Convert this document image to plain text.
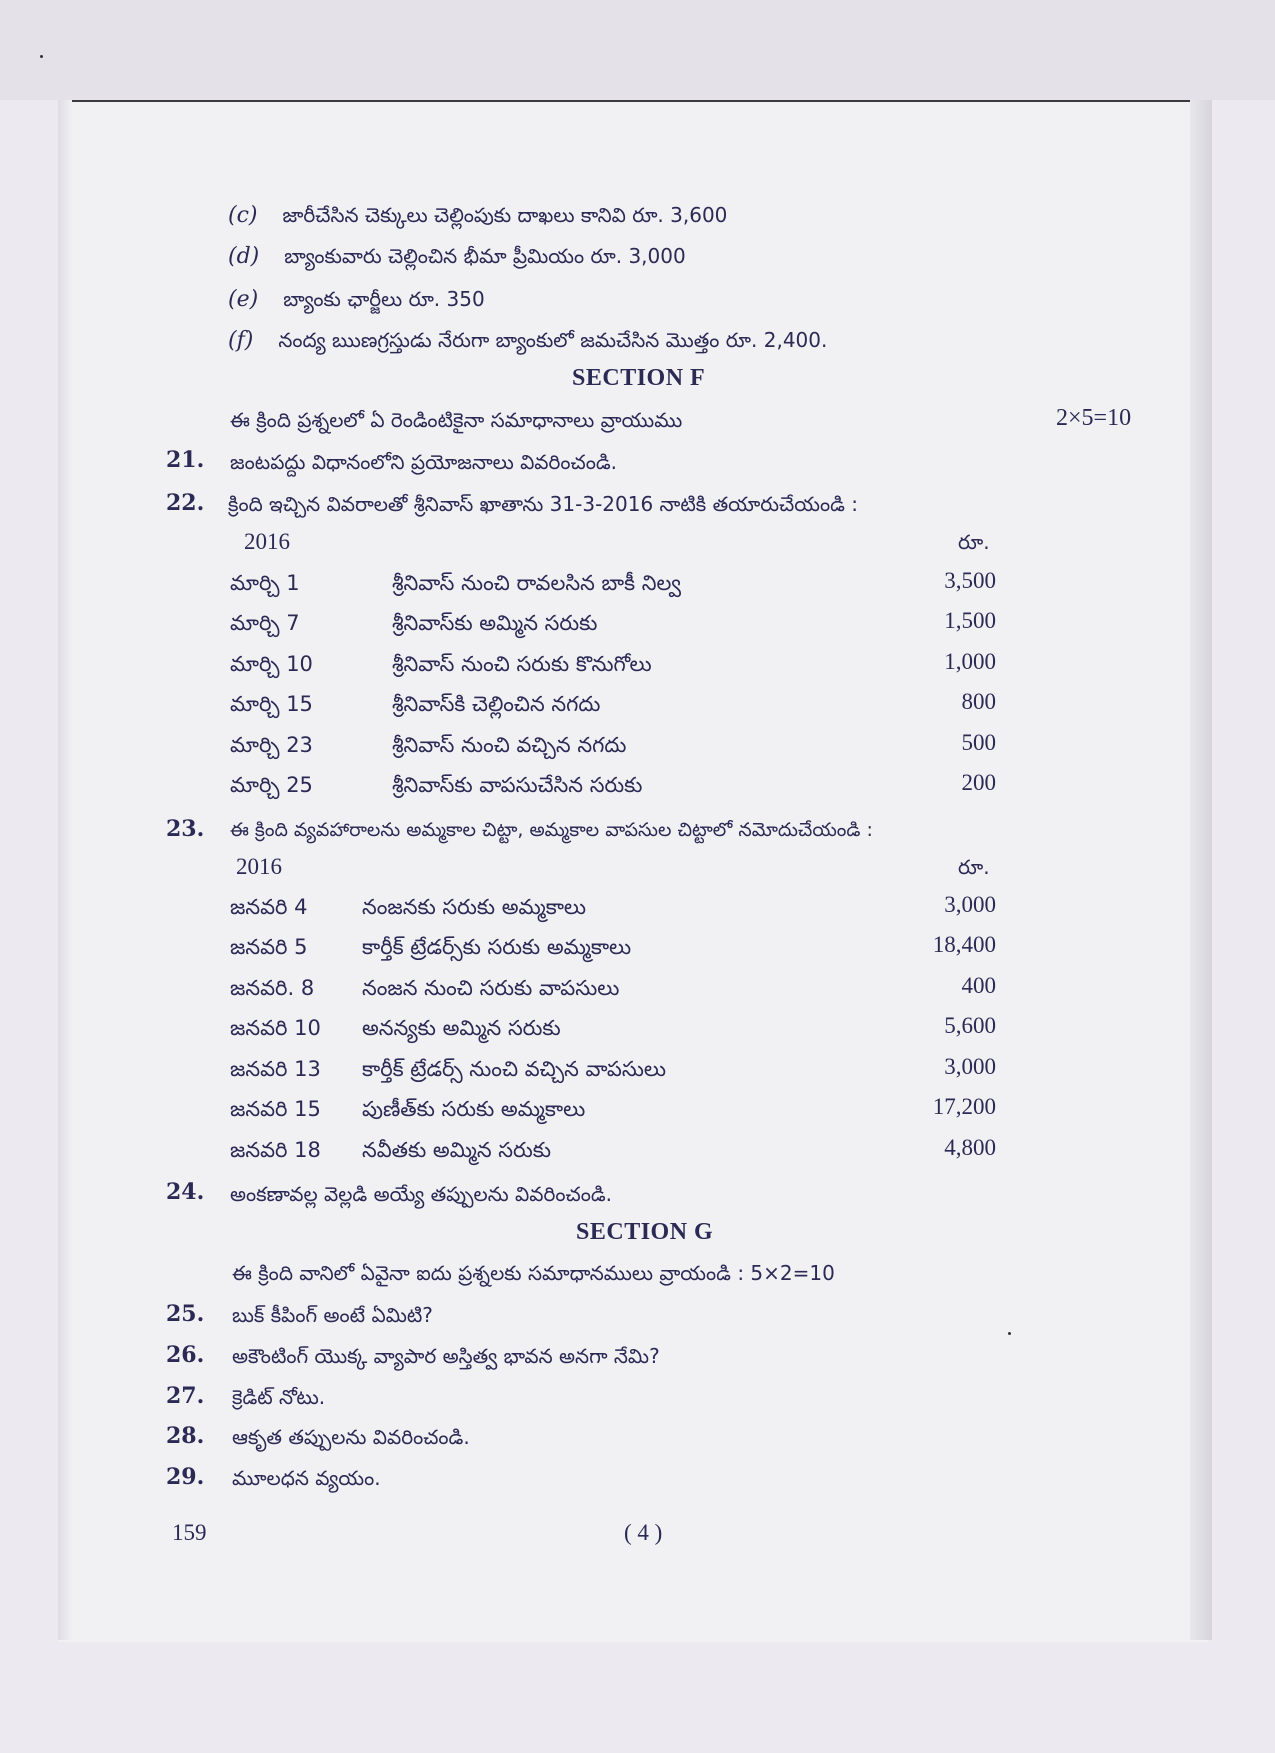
(c) జారీచేసిన చెక్కులు చెల్లింపుకు దాఖలు కానివి రూ. 3,600
(d) బ్యాంకువారు చెల్లించిన భీమా ప్రీమియం రూ. 3,000
(e) బ్యాంకు ఛార్జీలు రూ. 350
(f) నంద్య ఋణగ్రస్తుడు నేరుగా బ్యాంకులో జమచేసిన మొత్తం రూ. 2,400.
SECTION F
ఈ క్రింది ప్రశ్నలలో ఏ రెండింటికైనా సమాధానాలు వ్రాయుము	2×5=10
21. జంటపద్దు విధానంలోని ప్రయోజనాలు వివరించండి.
22. క్రింది ఇచ్చిన వివరాలతో శ్రీనివాస్ ఖాతాను 31-3-2016 నాటికి తయారుచేయండి :
2016	రూ.
మార్చి 1	శ్రీనివాస్ నుంచి రావలసిన బాకీ నిల్వ	3,500
మార్చి 7	శ్రీనివాస్‌కు అమ్మిన సరుకు	1,500
మార్చి 10	శ్రీనివాస్ నుంచి సరుకు కొనుగోలు	1,000
మార్చి 15	శ్రీనివాస్‌కి చెల్లించిన నగదు	800
మార్చి 23	శ్రీనివాస్ నుంచి వచ్చిన నగదు	500
మార్చి 25	శ్రీనివాస్‌కు వాపసుచేసిన సరుకు	200
23. ఈ క్రింది వ్యవహారాలను అమ్మకాల చిట్టా, అమ్మకాల వాపసుల చిట్టాలో నమోదుచేయండి :
2016	రూ.
జనవరి 4	నంజనకు సరుకు అమ్మకాలు	3,000
జనవరి 5	కార్తీక్ ట్రేడర్స్‌కు సరుకు అమ్మకాలు	18,400
జనవరి. 8 నంజన నుంచి సరుకు వాపసులు	400
జనవరి 10 అనన్యకు అమ్మిన సరుకు	5,600
జనవరి 13 కార్తీక్ ట్రేడర్స్ నుంచి వచ్చిన వాపసులు	3,000
జనవరి 15 పుణీత్‌కు సరుకు అమ్మకాలు	17,200
జనవరి 18 నవీతకు అమ్మిన సరుకు	4,800
24. అంకణావల్ల వెల్లడి అయ్యే తప్పులను వివరించండి.
SECTION G
ఈ క్రింది వానిలో ఏవైనా ఐదు ప్రశ్నలకు సమాధానములు వ్రాయండి : 5×2=10
25. బుక్ కీపింగ్ అంటే ఏమిటి?
26. అకౌంటింగ్ యొక్క వ్యాపార అస్తిత్వ భావన అనగా నేమి?
27. క్రెడిట్ నోటు.
28. ఆకృత తప్పులను వివరించండి.
29. మూలధన వ్యయం.
159	( 4 )
